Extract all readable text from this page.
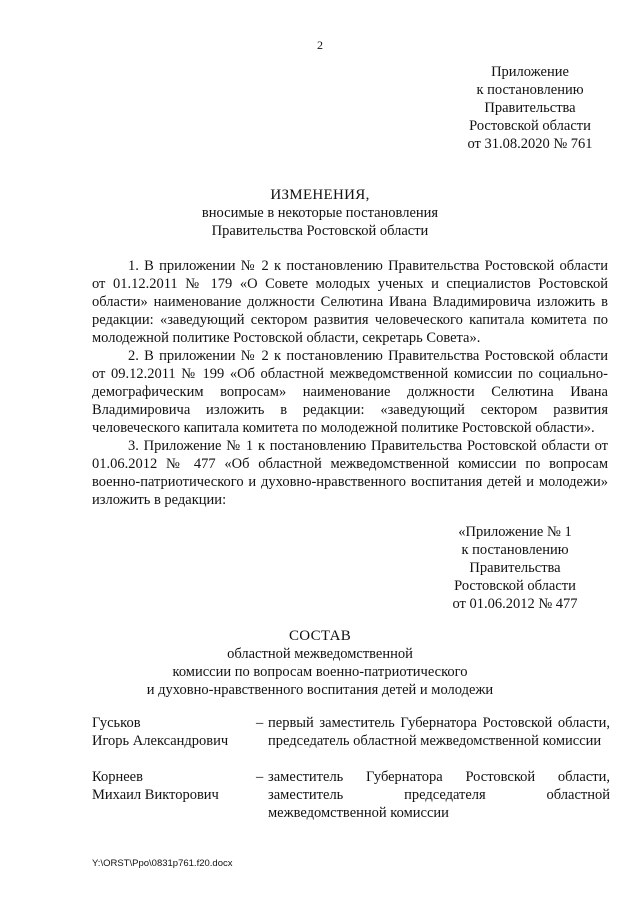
2
Приложение
к постановлению
Правительства
Ростовской области
от 31.08.2020 № 761
ИЗМЕНЕНИЯ,
вносимые в некоторые постановления
Правительства Ростовской области

1. В приложении № 2 к постановлению Правительства Ростовской области от 01.12.2011 № 179 «О Совете молодых ученых и специалистов Ростовской области» наименование должности Селютина Ивана Владимировича изложить в редакции: «заведующий сектором развития человеческого капитала комитета по молодежной политике Ростовской области, секретарь Совета».

2. В приложении № 2 к постановлению Правительства Ростовской области от 09.12.2011 № 199 «Об областной межведомственной комиссии по социально-демографическим вопросам» наименование должности Селютина Ивана Владимировича изложить в редакции: «заведующий сектором развития человеческого капитала комитета по молодежной политике Ростовской области».

3. Приложение № 1 к постановлению Правительства Ростовской области от 01.06.2012 № 477 «Об областной межведомственной комиссии по вопросам военно-патриотического и духовно-нравственного воспитания детей и молодежи» изложить в редакции:

«Приложение № 1
к постановлению
Правительства
Ростовской области
от 01.06.2012 № 477
СОСТАВ
областной межведомственной
комиссии по вопросам военно-патриотического
и духовно-нравственного воспитания детей и молодежи
Гуськов
Игорь Александрович
– первый заместитель Губернатора Ростовской области, председатель областной межведомственной комиссии
Корнеев
Михаил Викторович
– заместитель Губернатора Ростовской области, заместитель председателя областной межведомственной комиссии
Y:\ORST\Ppo\0831p761.f20.docx
